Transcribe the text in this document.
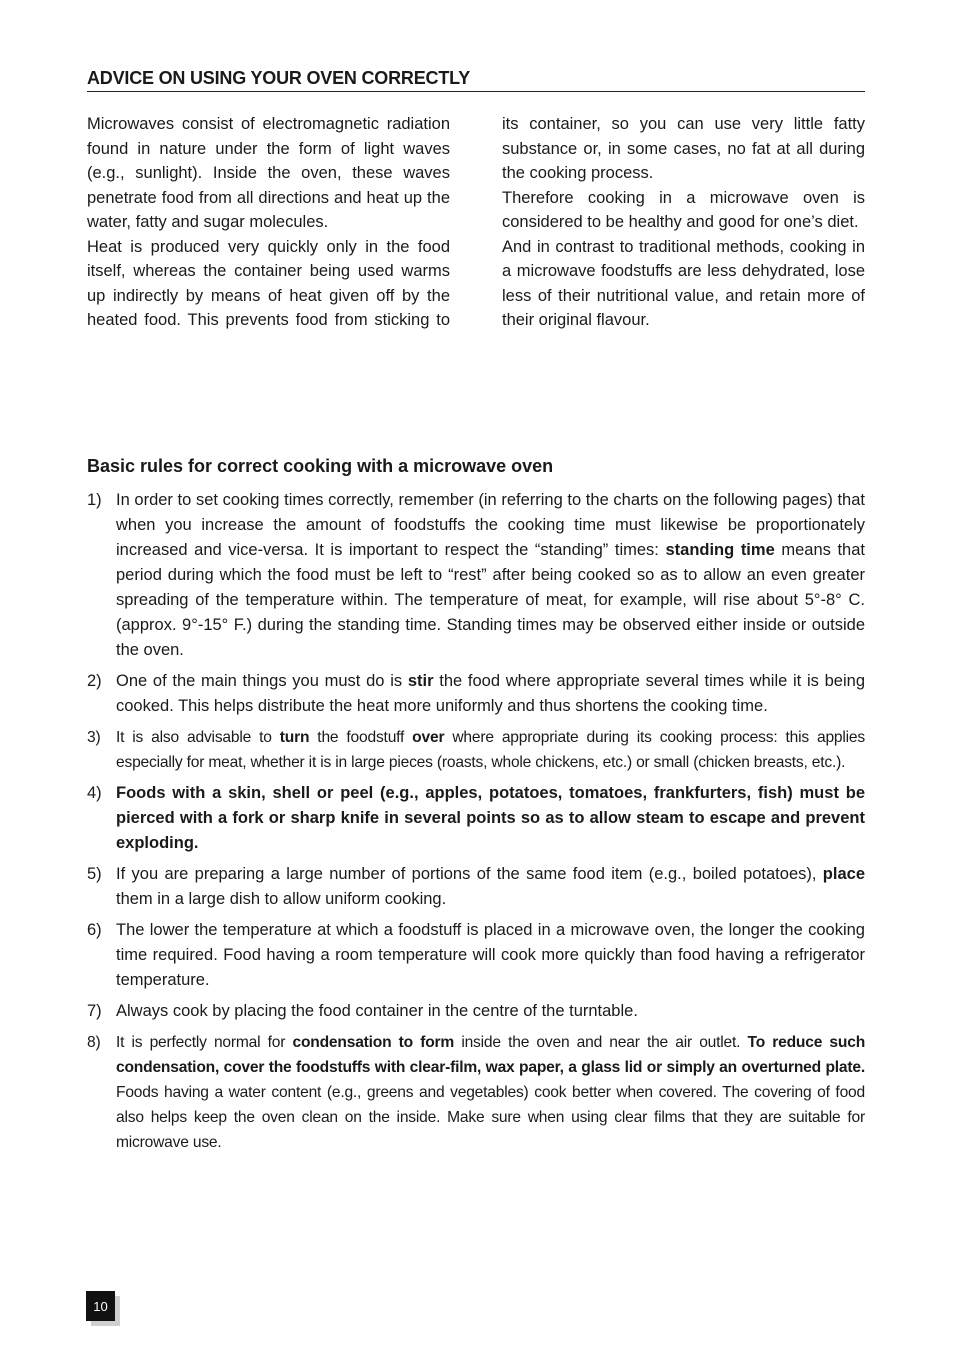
ADVICE ON USING YOUR OVEN CORRECTLY

Microwaves consist of electromagnetic radiation found in nature under the form of light waves (e.g., sunlight). Inside the oven, these waves penetrate food from all directions and heat up the water, fatty and sugar molecules.

Heat is produced very quickly only in the food itself, whereas the container being used warms up indirectly by means of heat given off by the heated food. This prevents food from sticking to its container, so you can use very little fatty substance or, in some cases, no fat at all during the cooking process.

Therefore cooking in a microwave oven is considered to be healthy and good for one’s diet.

And in contrast to traditional methods, cooking in a microwave foodstuffs are less dehydrated, lose less of their nutritional value, and retain more of their original flavour.

Basic rules for correct cooking with a microwave oven
1) In order to set cooking times correctly, remember (in referring to the charts on the following pages) that when you increase the amount of foodstuffs the cooking time must likewise be proportionately increased and vice-versa. It is important to respect the “standing” times: standing time means that period during which the food must be left to “rest” after being cooked so as to allow an even greater spreading of the temperature within. The temperature of meat, for example, will rise about 5°-8° C. (approx. 9°-15° F.) during the standing time. Standing times may be observed either inside or outside the oven.
2) One of the main things you must do is stir the food where appropriate several times while it is being cooked. This helps distribute the heat more uniformly and thus shortens the cooking time.
3) It is also advisable to turn the foodstuff over where appropriate during its cooking process: this applies especially for meat, whether it is in large pieces (roasts, whole chickens, etc.) or small (chicken breasts, etc.).
4) Foods with a skin, shell or peel (e.g., apples, potatoes, tomatoes, frankfurters, fish) must be pierced with a fork or sharp knife in several points so as to allow steam to escape and prevent exploding.
5) If you are preparing a large number of portions of the same food item (e.g., boiled potatoes), place them in a large dish to allow uniform cooking.
6) The lower the temperature at which a foodstuff is placed in a microwave oven, the longer the cooking time required. Food having a room temperature will cook more quickly than food having a refrigerator temperature.
7) Always cook by placing the food container in the centre of the turntable.
8) It is perfectly normal for condensation to form inside the oven and near the air outlet. To reduce such condensation, cover the foodstuffs with clear-film, wax paper, a glass lid or simply an overturned plate. Foods having a water content (e.g., greens and vegetables) cook better when covered. The covering of food also helps keep the oven clean on the inside. Make sure when using clear films that they are suitable for microwave use.
10
